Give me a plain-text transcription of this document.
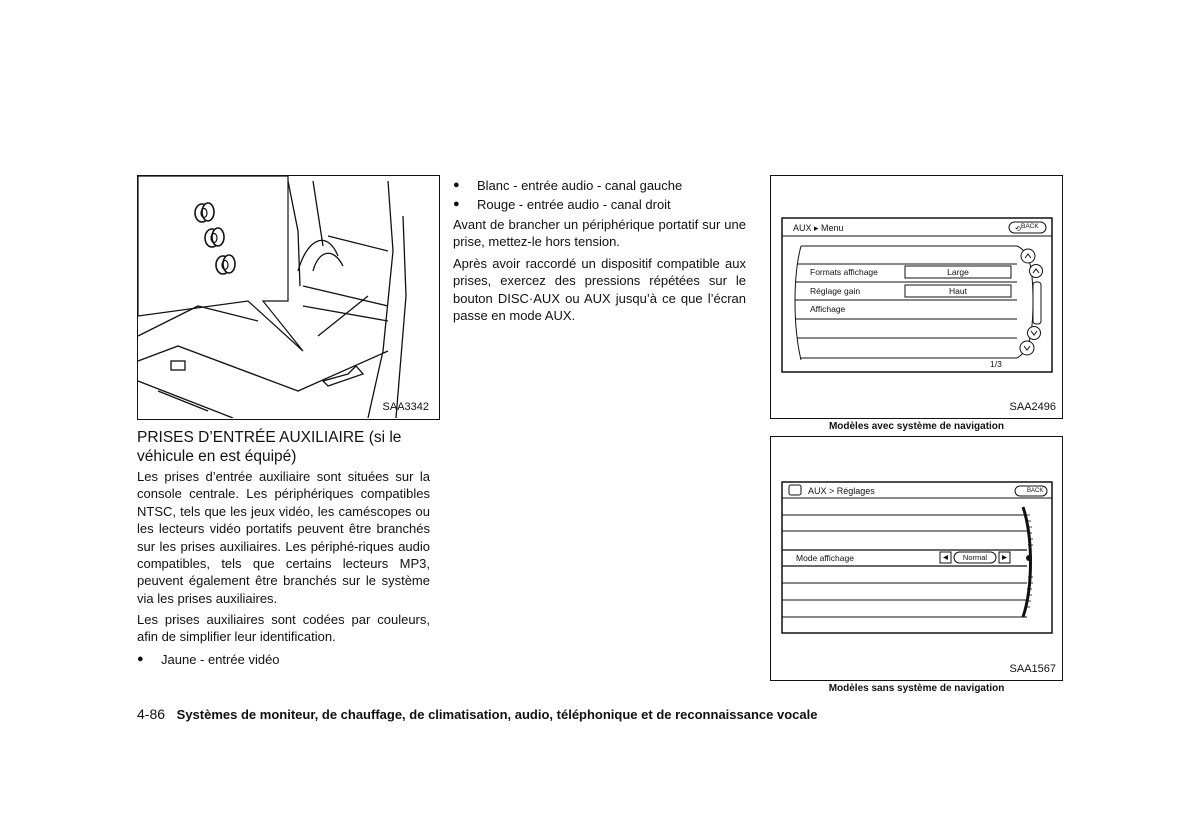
SAA3342
PRISES D’ENTRÉE AUXILIAIRE (si le
véhicule en est équipé)
Les prises d’entrée auxiliaire sont situées sur la console centrale. Les périphériques compatibles NTSC, tels que les jeux vidéo, les caméscopes ou les lecteurs vidéo portatifs peuvent être branchés sur les prises auxiliaires. Les périphé-riques audio compatibles, tels que certains lecteurs MP3, peuvent également être branchés sur le système via les prises auxiliaires.
Les prises auxiliaires sont codées par couleurs, afin de simplifier leur identification.
● Jaune - entrée vidéo
● Blanc - entrée audio - canal gauche
● Rouge - entrée audio - canal droit
Avant de brancher un périphérique portatif sur une prise, mettez-le hors tension.
Après avoir raccordé un dispositif compatible aux prises, exercez des pressions répétées sur le bouton DISC·AUX ou AUX jusqu’à ce que l’écran passe en mode AUX.
⟲
AUX ▸ Menu	BACK
Formats affichage	Large
Réglage gain	Haut
Affichage
1/3
SAA2496
Modèles avec système de navigation
AUX > Réglages	BACK
Mode affichage	Normal
SAA1567
Modèles sans système de navigation
4-86 Systèmes de moniteur, de chauffage, de climatisation, audio, téléphonique et de reconnaissance vocale
